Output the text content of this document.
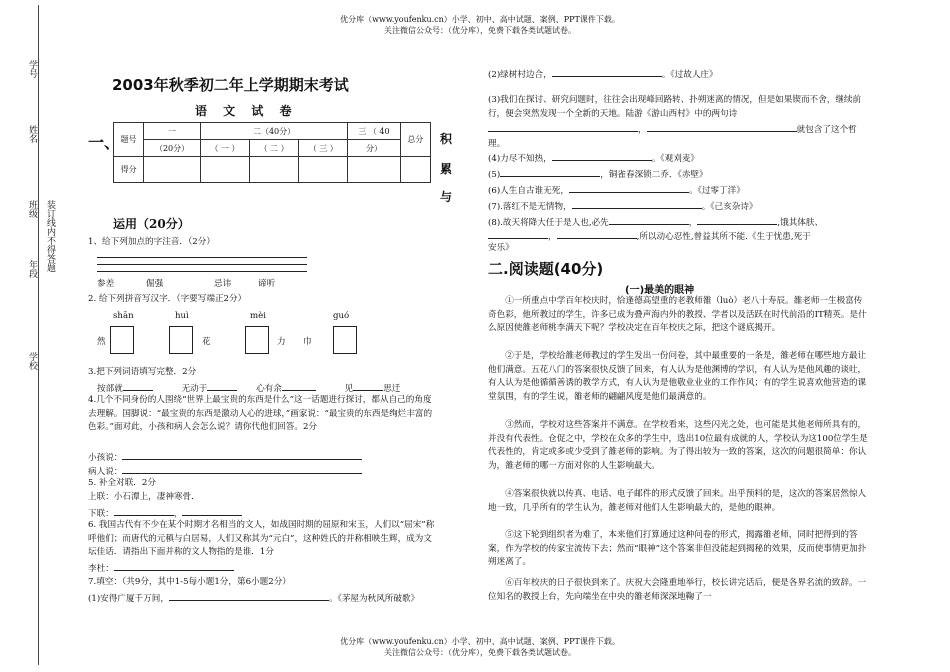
优分库（www.youfenku.cn）小学、初中、高中试题、案例、PPT课件下载。
关注微信公众号：（优分库），免费下载各类试题试卷。
优分库（www.youfenku.cn）小学、初中、高中试题、案例、PPT课件下载。
关注微信公众号：（优分库），免费下载各类试题试卷。
学号
姓名
班级 装订线内不得答题
年段
学校
2003年秋季初二年上学期期末考试
语 文 试 卷
一、	积
累
与
题号	一	二（40分）			三 （ 40	总分
	（20分）	（ 一 ）	（ 二 ）	（ 三 ）	分）	
得分						
运用（20分）
1、给下列加点的字注音．（2分）
参差	倔强	忌讳	谛听
2. 给下列拼音写汉字．（字要写端正2分）
shān	huì	mèi	guó
然	花	力 巾
3.把下列词语填写完整．2分
按部就	无动于	心有余	见	思迁
4.几个不同身份的人围绕“世界上最宝贵的东西是什么”这一话题进行探讨，都从自己的角度去理解。国脚说：“最宝贵的东西是激动人心的进球，”画家说：“最宝贵的东西是绚烂丰富的色彩。”面对此，小孩和病人会怎么说？请你代他们回答。2分
小孩说：
病人说：
5. 补全对联．2分
上联：小石潭上，凄神寒骨．
下联：	，
6. 我国古代有不少在某个时期才名相当的文人，如战国时期的屈原和宋玉，人们以“屈宋”称呼他们；而唐代的元稹与白居易，人们又称其为“元白”，这种姓氏的并称相映生辉，成为文坛佳话．请指出下面并称的文人物指的是谁．1分
李杜：
7.填空：（共9分，其中1-5每小题1分，第6小题2分）
(1)安得广厦千万间，	。《茅屋为秋风所破歌》
(2)绿树村边合，	。《过故人庄》
(3)我们在探讨、研究问题时，往往会出现峰回路转、扑朔迷离的情况，但是如果锲而不舍，继续前行，便会突然发现一个全新的天地。陆游《游山西村》中的两句诗，	就包含了这个哲理。
(4)力尽不知热，	。《观刈麦》
(5)	，铜雀春深锁二乔．《赤壁》
(6)人生自古谁无死，	。《过零丁洋》
(7).落红不是无情物，	。《己亥杂诗》
(8).故天将降大任于是人也,必先	，	,饿其体肤、
，	,所以动心忍性,曾益其所不能.《生于忧患,死于
安乐》
二.阅读题(40分)
(一)最美的眼神
①一所重点中学百年校庆时，恰逢德高望重的老教师雒（luò）老八十寿辰。雒老师一生极富传奇色彩，他所教过的学生，许多已成为叠声海内外的教授、学者以及活跃在时代前沿的IT精英。是什么原因使雒老师桃李满天下呢？学校决定在百年校庆之际，把这个谜底揭开。
②于是，学校给雒老师教过的学生发出一份问卷，其中最重要的一条是，雒老师在哪些地方最让他们满意。五花八门的答案很快反馈了回来，有人认为是他渊博的学识，有人认为是他风趣的谈吐，有人认为是他循循善诱的教学方式，有人认为是他敬业业业的工作作风；有的学生说喜欢他营造的课堂氛围，有的学生说，雒老师的翩翩风度是他们最满意的。
③然而，学校对这些答案并不满意。在学校看来，这些闪光之处，也可能是其他老师所具有的，并没有代表性。仓促之中，学校在众多的学生中，选出10位最有成就的人，学校认为这100位学生是代表性的，肯定或多或少受到了雒老师的影响。为了得出较为一致的答案，这次的问题很简单：你认为，雒老师的哪一方面对你的人生影响最大。
④答案很快就以传真、电话、电子邮件的形式反馈了回来。出乎预料的是，这次的答案居然惊人地一致，几乎所有的学生认为，雒老师对他们人生影响最大的，是他的眼神。
⑤这下轮到组织者为难了，本来他们打算通过这种问卷的形式，揭露雒老师，同时把得到的答案，作为学校的传家宝流传下去；然而“眼神”这个答案非但没能起到揭秘的效果，反而使事情更加扑朔迷离了。
⑥百年校庆的日子很快到来了。庆祝大会隆重地举行，校长讲完话后，便是各界名流的致辞。一位知名的教授上台，先向端坐在中央的雒老师深深地鞠了一
